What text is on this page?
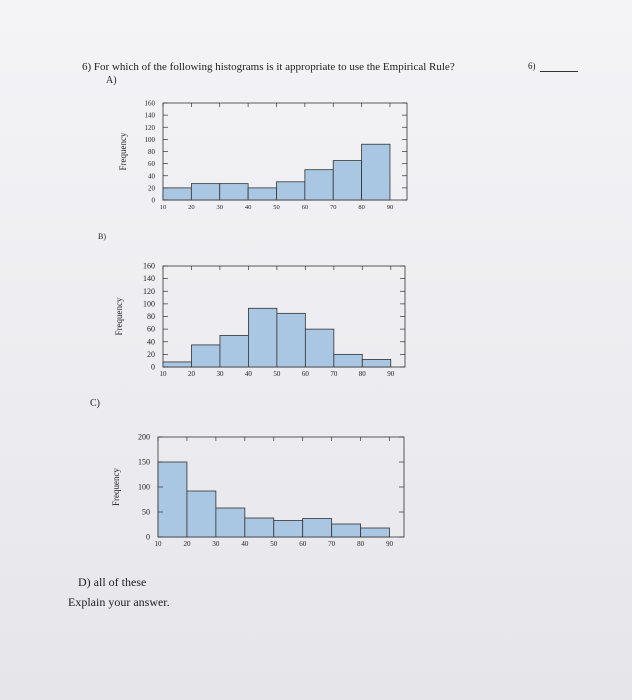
6) For which of the following histograms is it appropriate to use the Empirical Rule?	6)
A)
B)
C)
D) all of these
Explain your answer.
160
140
120
100
80
60
40
20
0
10	20	30	40	50	60	70	80	90
Frequency
160
140
120
100
80
60
40
20
0
10	20	30	40	50	60	70	80	90
Frequency
200
150
100
50
0
10	20	30	40	50	60	70	80	90
Frequency
